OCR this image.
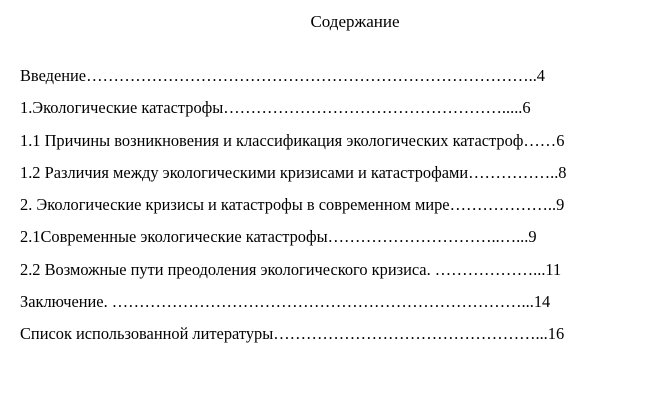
Содержание
Введение………………………………………………………………………..4
1.Экологические катастрофы…………………………………………….....6
1.1 Причины возникновения и классификация экологических катастроф……6
1.2 Различия между экологическими кризисами и катастрофами……………..8
2. Экологические кризисы и катастрофы в современном мире………………..9
2.1Современные экологические катастрофы…………………………..…...9
2.2 Возможные пути преодоления экологического кризиса. ………………...11
Заключение. …………………………………………………………………...14
Список использованной литературы…………………………………………...16
